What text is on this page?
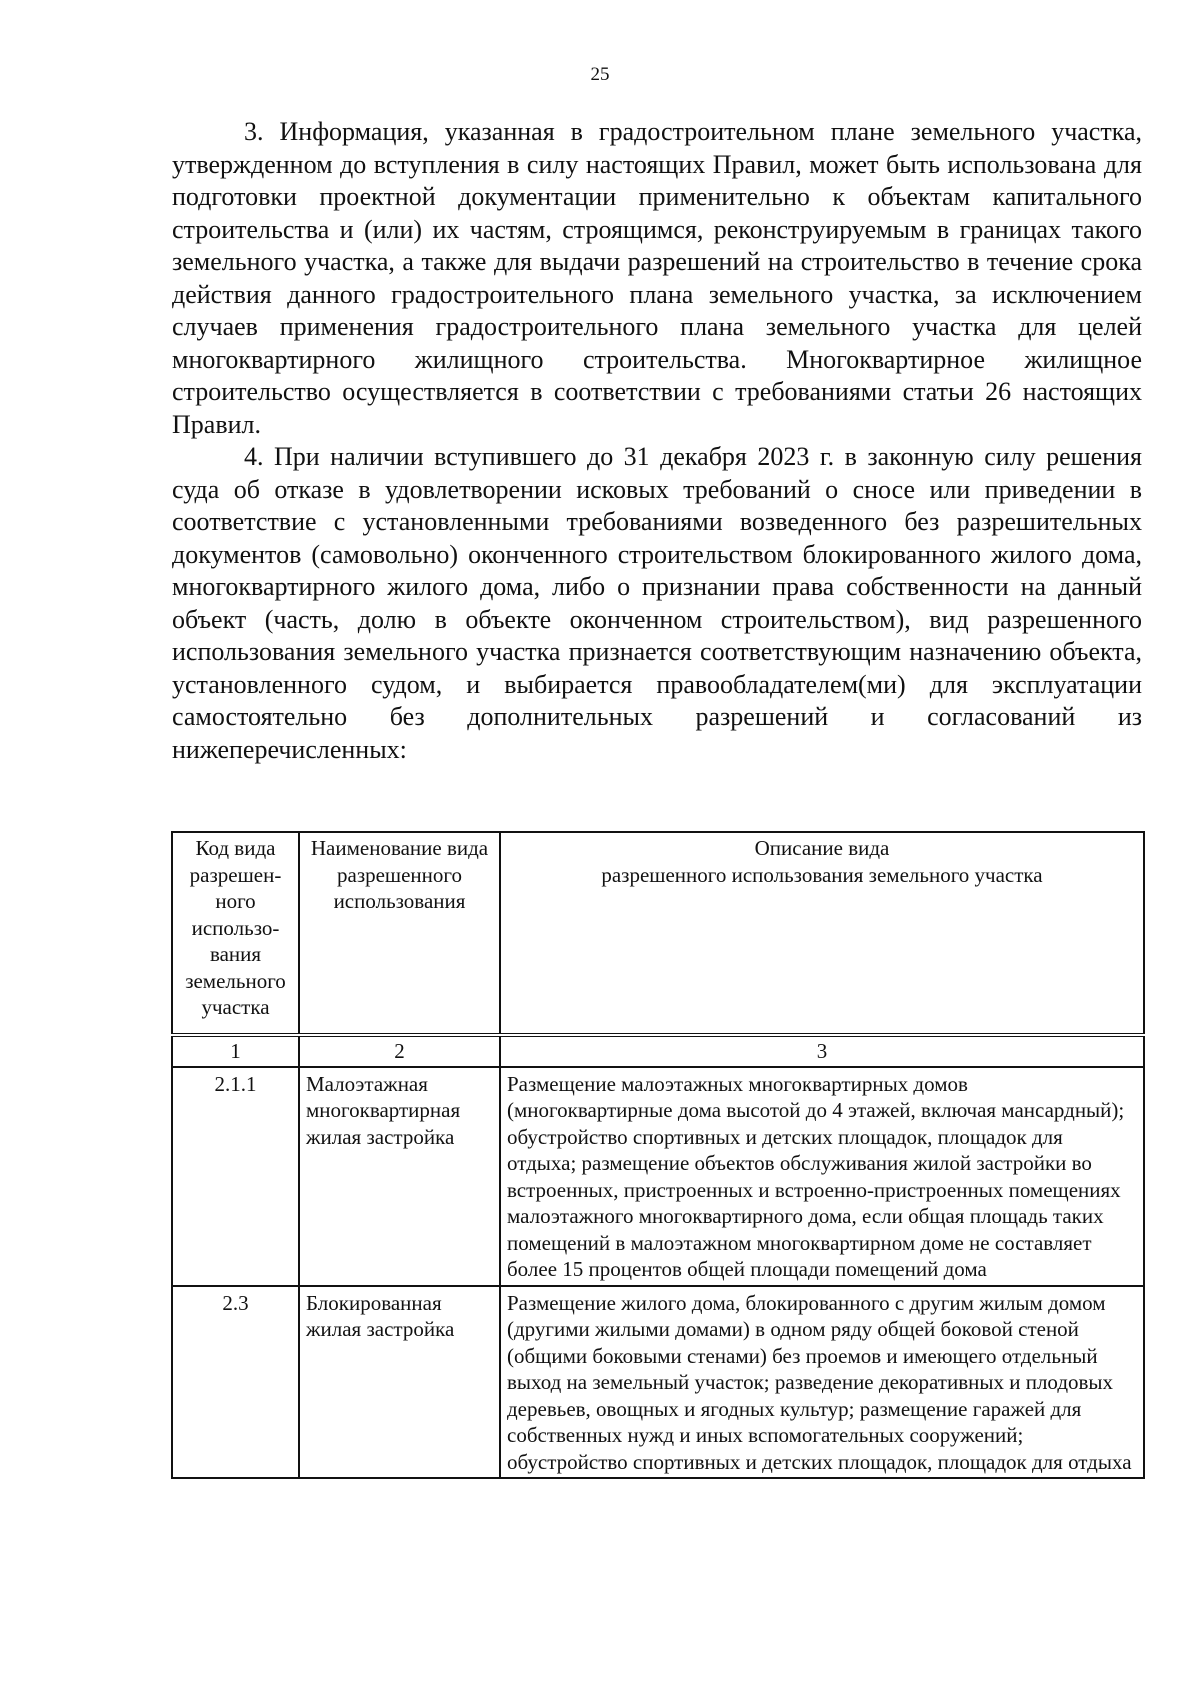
25

3. Информация, указанная в градостроительном плане земельного участка, утвержденном до вступления в силу настоящих Правил, может быть использована для подготовки проектной документации применительно к объектам капитального строительства и (или) их частям, строящимся, реконструируемым в границах такого земельного участка, а также для выдачи разрешений на строительство в течение срока действия данного градостроительного плана земельного участка, за исключением случаев применения градостроительного плана земельного участка для целей многоквартирного жилищного строительства. Многоквартирное жилищное строительство осуществляется в соответствии с требованиями статьи 26 настоящих Правил.

4. При наличии вступившего до 31 декабря 2023 г. в законную силу решения суда об отказе в удовлетворении исковых требований о сносе или приведении в соответствие с установленными требованиями возведенного без разрешительных документов (самовольно) оконченного строительством блокированного жилого дома, многоквартирного жилого дома, либо о признании права собственности на данный объект (часть, долю в объекте оконченном строительством), вид разрешенного использования земельного участка признается соответствующим назначению объекта, установленного судом, и выбирается правообладателем(ми) для эксплуатации самостоятельно без дополнительных разрешений и согласований из нижеперечисленных:

Код вида разрешен-ного использо-вания земельного участка	Наименование вида разрешенного использования	Описание вида
разрешенного использования земельного участка

1	2	3
2.1.1	Малоэтажная многоквартирная жилая застройка	Размещение малоэтажных многоквартирных домов (многоквартирные дома высотой до 4 этажей, включая мансардный); обустройство спортивных и детских площадок, площадок для отдыха; размещение объектов обслуживания жилой застройки во встроенных, пристроенных и встроенно-пристроенных помещениях малоэтажного многоквартирного дома, если общая площадь таких помещений в малоэтажном многоквартирном доме не составляет более 15 процентов общей площади помещений дома
2.3	Блокированная жилая застройка	Размещение жилого дома, блокированного с другим жилым домом (другими жилыми домами) в одном ряду общей боковой стеной (общими боковыми стенами) без проемов и имеющего отдельный выход на земельный участок; разведение декоративных и плодовых деревьев, овощных и ягодных культур; размещение гаражей для собственных нужд и иных вспомогательных сооружений; обустройство спортивных и детских площадок, площадок для отдыха
